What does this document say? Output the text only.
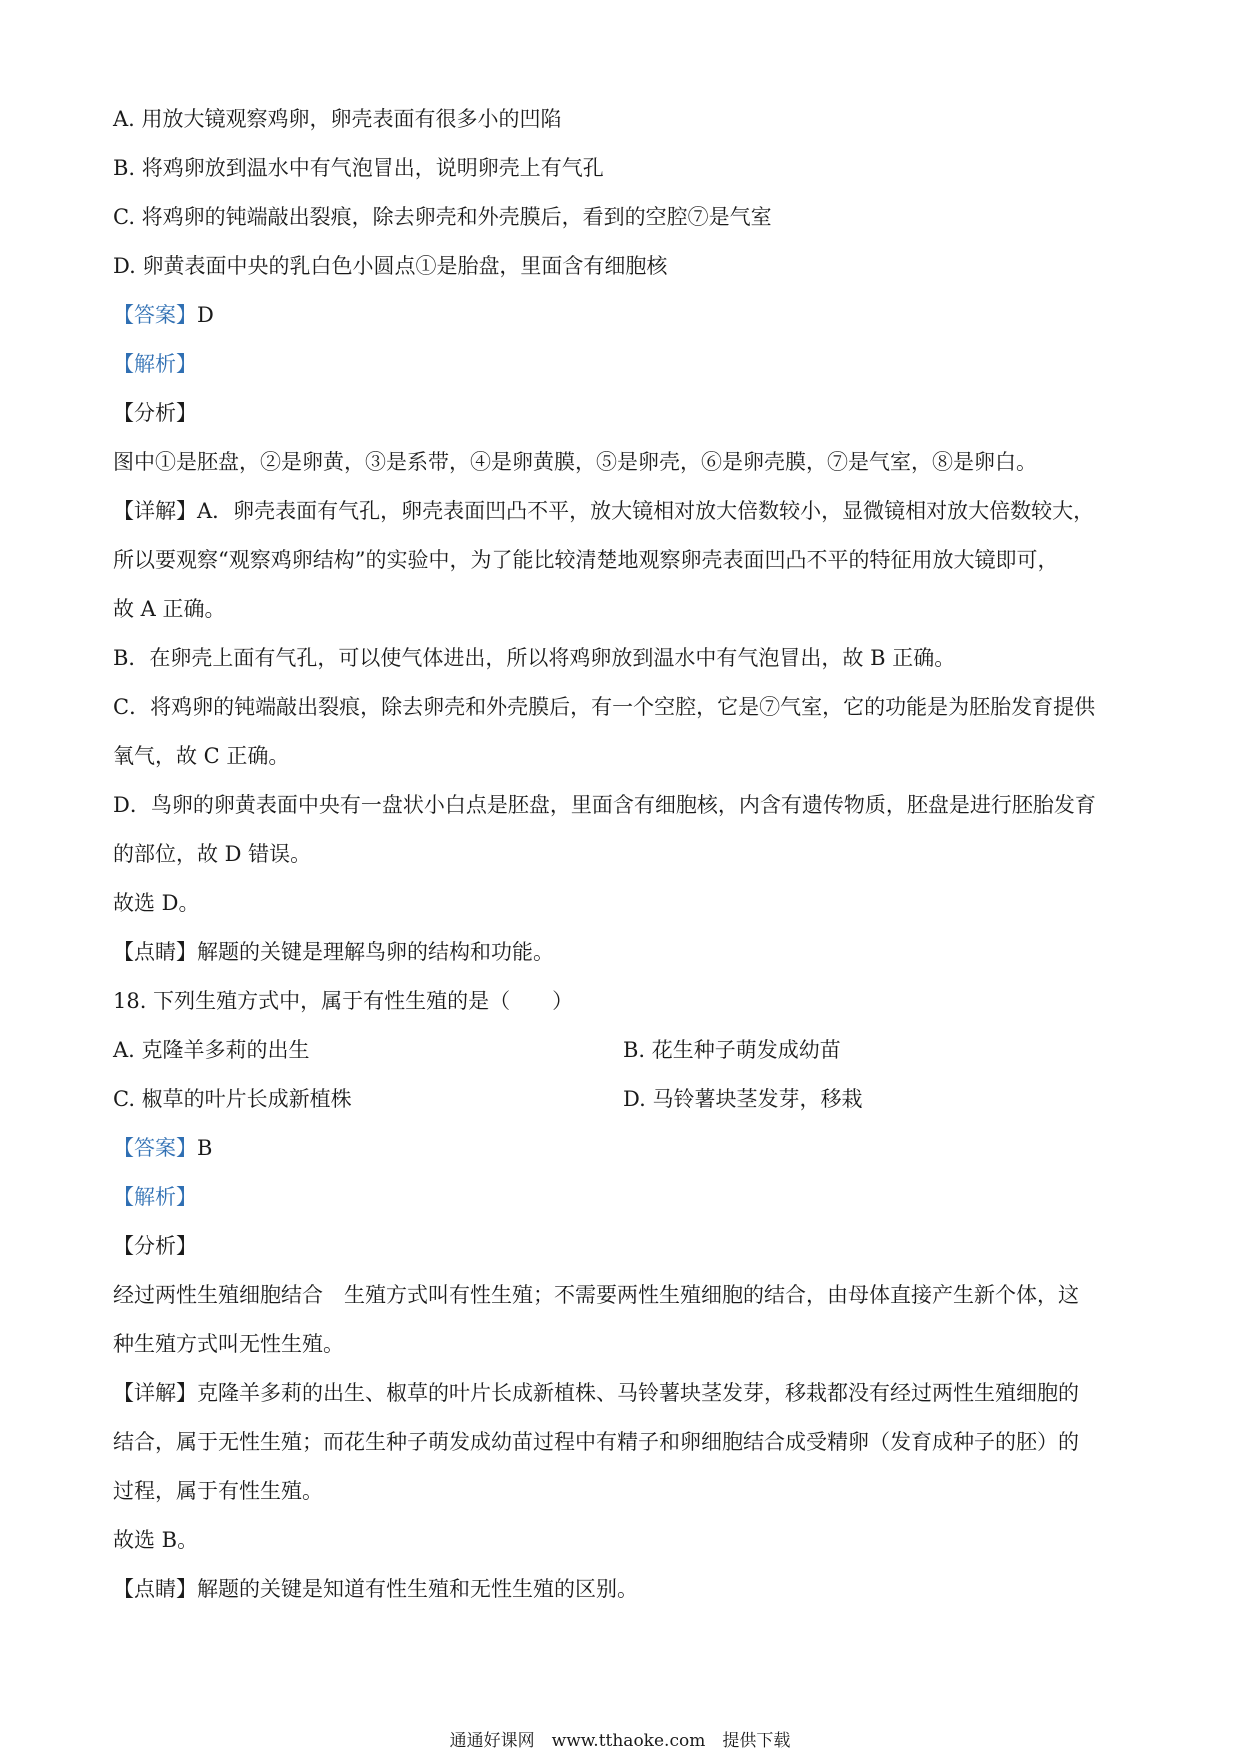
A. 用放大镜观察鸡卵，卵壳表面有很多小的凹陷
B. 将鸡卵放到温水中有气泡冒出，说明卵壳上有气孔
C. 将鸡卵的钝端敲出裂痕，除去卵壳和外壳膜后，看到的空腔⑦是气室
D. 卵黄表面中央的乳白色小圆点①是胎盘，里面含有细胞核
【答案】D
【解析】
【分析】
图中①是胚盘，②是卵黄，③是系带，④是卵黄膜，⑤是卵壳，⑥是卵壳膜，⑦是气室，⑧是卵白。
【详解】A．卵壳表面有气孔，卵壳表面凹凸不平，放大镜相对放大倍数较小，显微镜相对放大倍数较大，
所以要观察“观察鸡卵结构”的实验中，为了能比较清楚地观察卵壳表面凹凸不平的特征用放大镜即可，
故 A 正确。
B．在卵壳上面有气孔，可以使气体进出，所以将鸡卵放到温水中有气泡冒出，故 B 正确。
C．将鸡卵的钝端敲出裂痕，除去卵壳和外壳膜后，有一个空腔，它是⑦气室，它的功能是为胚胎发育提供
氧气，故 C 正确。
D．鸟卵的卵黄表面中央有一盘状小白点是胚盘，里面含有细胞核，内含有遗传物质，胚盘是进行胚胎发育
的部位，故 D 错误。
故选 D。
【点睛】解题的关键是理解鸟卵的结构和功能。
18. 下列生殖方式中，属于有性生殖的是（　　）
A. 克隆羊多莉的出生	B. 花生种子萌发成幼苗
C. 椒草的叶片长成新植株	D. 马铃薯块茎发芽，移栽
【答案】B
【解析】
【分析】
经过两性生殖细胞结合　生殖方式叫有性生殖；不需要两性生殖细胞的结合，由母体直接产生新个体，这
种生殖方式叫无性生殖。
【详解】克隆羊多莉的出生、椒草的叶片长成新植株、马铃薯块茎发芽，移栽都没有经过两性生殖细胞的
结合，属于无性生殖；而花生种子萌发成幼苗过程中有精子和卵细胞结合成受精卵（发育成种子的胚）的
过程，属于有性生殖。
故选 B。
【点睛】解题的关键是知道有性生殖和无性生殖的区别。
通通好课网　www.tthaoke.com　提供下载
